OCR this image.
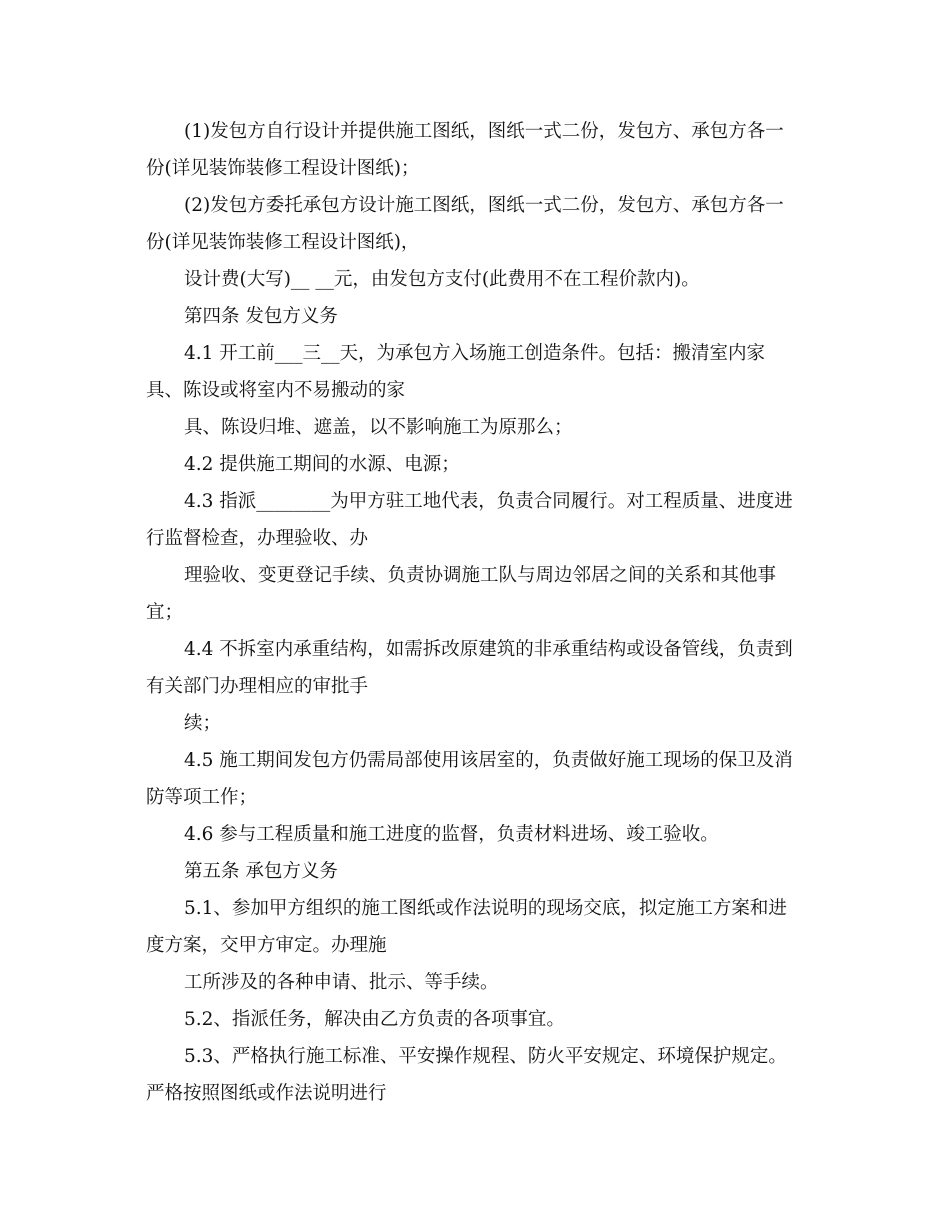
(1)发包方自行设计并提供施工图纸，图纸一式二份，发包方、承包方各一
份(详见装饰装修工程设计图纸)；
(2)发包方委托承包方设计施工图纸，图纸一式二份，发包方、承包方各一
份(详见装饰装修工程设计图纸)，
设计费(大写)__ __元，由发包方支付(此费用不在工程价款内)。
第四条 发包方义务
4.1 开工前___三__天，为承包方入场施工创造条件。包括：搬清室内家
具、陈设或将室内不易搬动的家
具、陈设归堆、遮盖，以不影响施工为原那么；
4.2 提供施工期间的水源、电源；
4.3 指派________为甲方驻工地代表，负责合同履行。对工程质量、进度进
行监督检查，办理验收、办
理验收、变更登记手续、负责协调施工队与周边邻居之间的关系和其他事
宜；
4.4 不拆室内承重结构，如需拆改原建筑的非承重结构或设备管线，负责到
有关部门办理相应的审批手
续；
4.5 施工期间发包方仍需局部使用该居室的，负责做好施工现场的保卫及消
防等项工作；
4.6 参与工程质量和施工进度的监督，负责材料进场、竣工验收。
第五条 承包方义务
5.1、参加甲方组织的施工图纸或作法说明的现场交底，拟定施工方案和进
度方案，交甲方审定。办理施
工所涉及的各种申请、批示、等手续。
5.2、指派任务，解决由乙方负责的各项事宜。
5.3、严格执行施工标准、平安操作规程、防火平安规定、环境保护规定。
严格按照图纸或作法说明进行
